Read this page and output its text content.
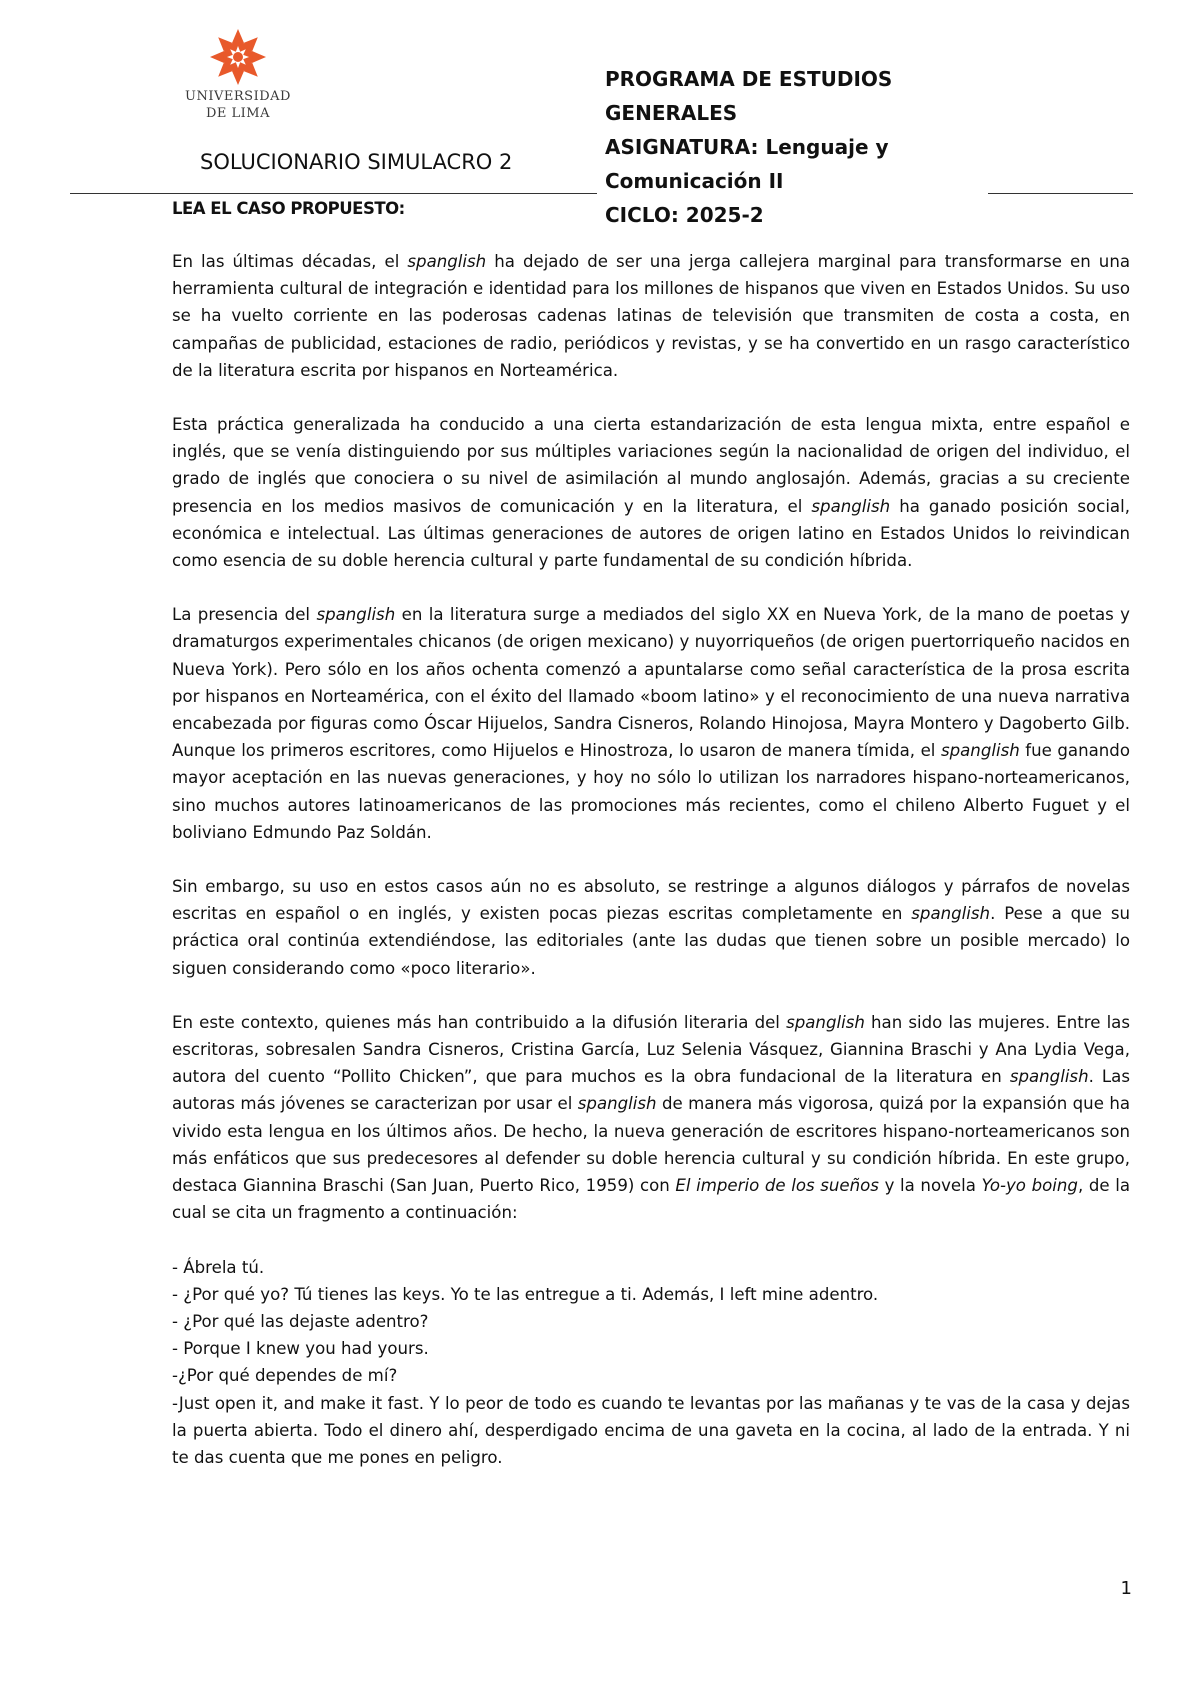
UNIVERSIDAD
DE LIMA
SOLUCIONARIO SIMULACRO 2
PROGRAMA DE ESTUDIOS
GENERALES
ASIGNATURA: Lenguaje y
Comunicación II
CICLO: 2025-2
LEA EL CASO PROPUESTO:

En las últimas décadas, el spanglish ha dejado de ser una jerga callejera marginal para transformarse en una herramienta cultural de integración e identidad para los millones de hispanos que viven en Estados Unidos. Su uso se ha vuelto corriente en las poderosas cadenas latinas de televisión que transmiten de costa a costa, en campañas de publicidad, estaciones de radio, periódicos y revistas, y se ha convertido en un rasgo característico de la literatura escrita por hispanos en Norteamérica.

Esta práctica generalizada ha conducido a una cierta estandarización de esta lengua mixta, entre español e inglés, que se venía distinguiendo por sus múltiples variaciones según la nacionalidad de origen del individuo, el grado de inglés que conociera o su nivel de asimilación al mundo anglosajón. Además, gracias a su creciente presencia en los medios masivos de comunicación y en la literatura, el spanglish ha ganado posición social, económica e intelectual. Las últimas generaciones de autores de origen latino en Estados Unidos lo reivindican como esencia de su doble herencia cultural y parte fundamental de su condición híbrida.

La presencia del spanglish en la literatura surge a mediados del siglo XX en Nueva York, de la mano de poetas y dramaturgos experimentales chicanos (de origen mexicano) y nuyorriqueños (de origen puertorriqueño nacidos en Nueva York). Pero sólo en los años ochenta comenzó a apuntalarse como señal característica de la prosa escrita por hispanos en Norteamérica, con el éxito del llamado «boom latino» y el reconocimiento de una nueva narrativa encabezada por figuras como Óscar Hijuelos, Sandra Cisneros, Rolando Hinojosa, Mayra Montero y Dagoberto Gilb. Aunque los primeros escritores, como Hijuelos e Hinostroza, lo usaron de manera tímida, el spanglish fue ganando mayor aceptación en las nuevas generaciones, y hoy no sólo lo utilizan los narradores hispano-norteamericanos, sino muchos autores latinoamericanos de las promociones más recientes, como el chileno Alberto Fuguet y el boliviano Edmundo Paz Soldán.

Sin embargo, su uso en estos casos aún no es absoluto, se restringe a algunos diálogos y párrafos de novelas escritas en español o en inglés, y existen pocas piezas escritas completamente en spanglish. Pese a que su práctica oral continúa extendiéndose, las editoriales (ante las dudas que tienen sobre un posible mercado) lo siguen considerando como «poco literario».

En este contexto, quienes más han contribuido a la difusión literaria del spanglish han sido las mujeres. Entre las escritoras, sobresalen Sandra Cisneros, Cristina García, Luz Selenia Vásquez, Giannina Braschi y Ana Lydia Vega, autora del cuento “Pollito Chicken”, que para muchos es la obra fundacional de la literatura en spanglish. Las autoras más jóvenes se caracterizan por usar el spanglish de manera más vigorosa, quizá por la expansión que ha vivido esta lengua en los últimos años. De hecho, la nueva generación de escritores hispano-norteamericanos son más enfáticos que sus predecesores al defender su doble herencia cultural y su condición híbrida. En este grupo, destaca Giannina Braschi (San Juan, Puerto Rico, 1959) con El imperio de los sueños y la novela Yo-yo boing, de la cual se cita un fragmento a continuación:

- Ábrela tú.
- ¿Por qué yo? Tú tienes las keys. Yo te las entregue a ti. Además, I left mine adentro.
- ¿Por qué las dejaste adentro?
- Porque I knew you had yours.
-¿Por qué dependes de mí?
-Just open it, and make it fast. Y lo peor de todo es cuando te levantas por las mañanas y te vas de la casa y dejas la puerta abierta. Todo el dinero ahí, desperdigado encima de una gaveta en la cocina, al lado de la entrada. Y ni te das cuenta que me pones en peligro.
1
